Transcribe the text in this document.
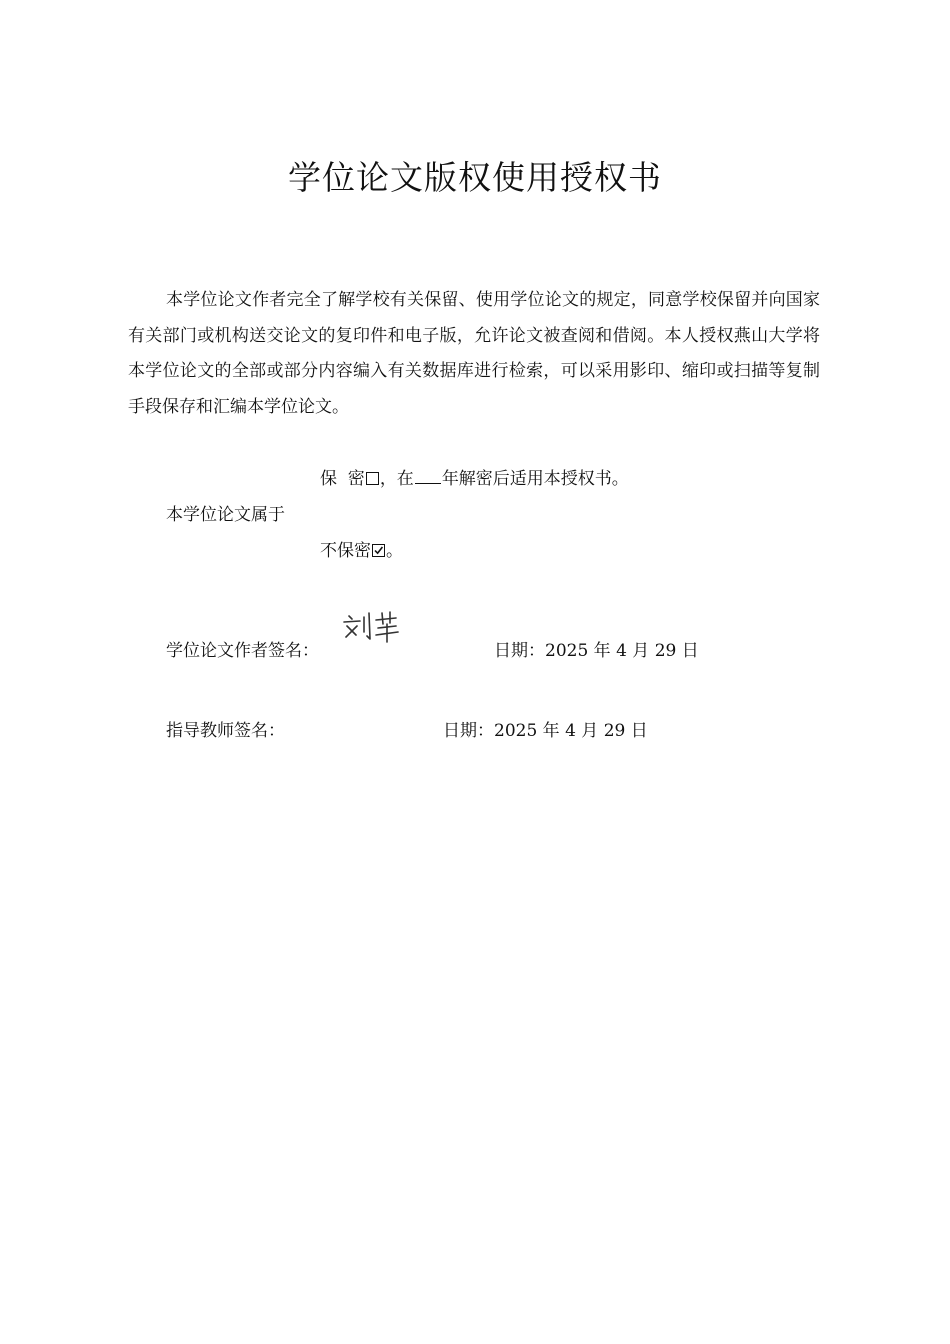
学位论文版权使用授权书

本学位论文作者完全了解学校有关保留、使用学位论文的规定，同意学校保留并向国家有关部门或机构送交论文的复印件和电子版，允许论文被查阅和借阅。本人授权燕山大学将本学位论文的全部或部分内容编入有关数据库进行检索，可以采用影印、缩印或扫描等复制手段保存和汇编本学位论文。

保  密 ，在 年解密后适用本授权书。
本学位论文属于
不保密 。
学位论文作者签名：	日期：2025 年 4 月 29 日
指导教师签名：	日期：2025 年 4 月 29 日
